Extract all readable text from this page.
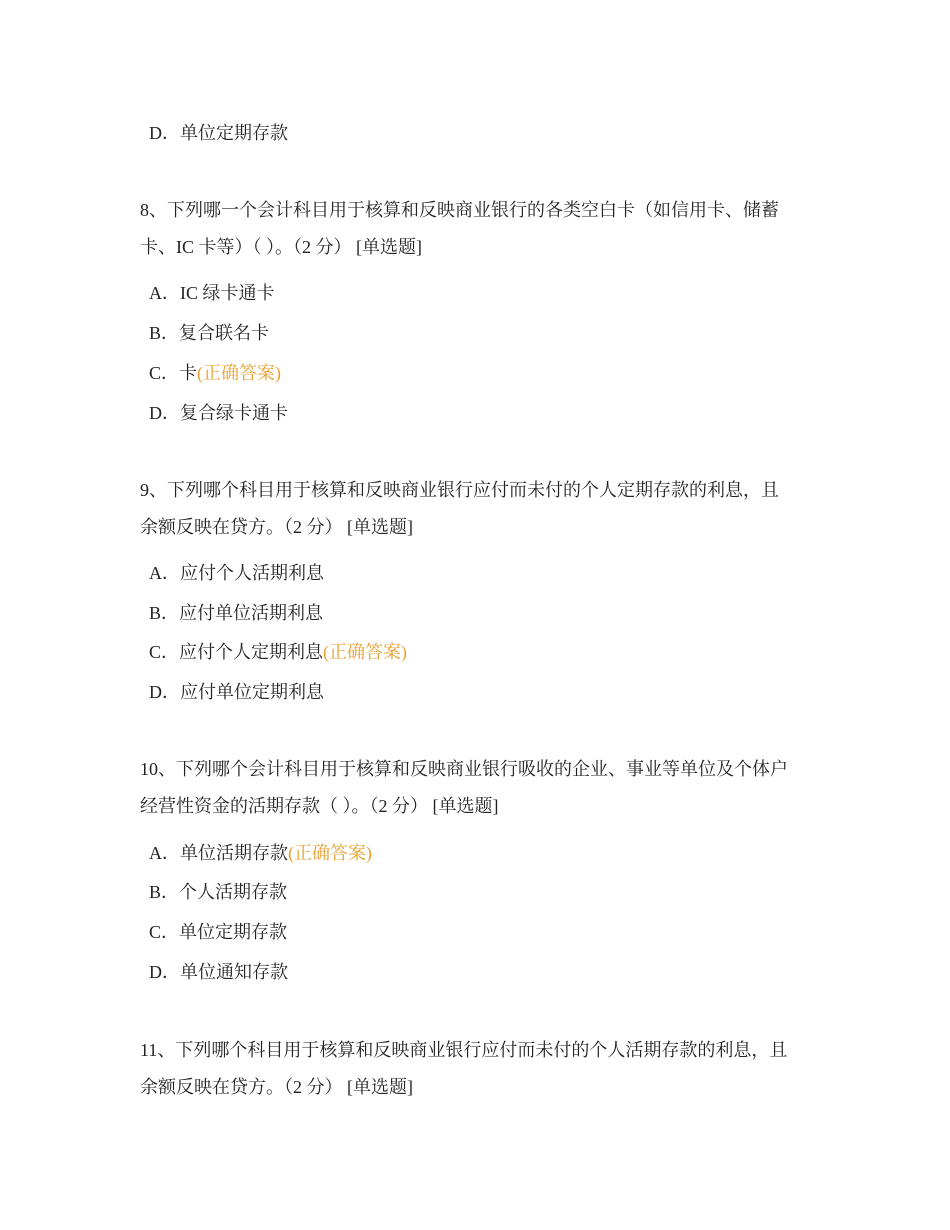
D．单位定期存款
8、下列哪一个会计科目用于核算和反映商业银行的各类空白卡（如信用卡、储蓄
卡、IC 卡等）（ ）。（2 分） [单选题]
A．IC 绿卡通卡
B．复合联名卡
C．卡(正确答案)
D．复合绿卡通卡
9、下列哪个科目用于核算和反映商业银行应付而未付的个人定期存款的利息，且
余额反映在贷方。（2 分） [单选题]
A．应付个人活期利息
B．应付单位活期利息
C．应付个人定期利息(正确答案)
D．应付单位定期利息
10、下列哪个会计科目用于核算和反映商业银行吸收的企业、事业等单位及个体户
经营性资金的活期存款（ ）。（2 分） [单选题]
A．单位活期存款(正确答案)
B．个人活期存款
C．单位定期存款
D．单位通知存款
11、下列哪个科目用于核算和反映商业银行应付而未付的个人活期存款的利息，且
余额反映在贷方。（2 分） [单选题]
